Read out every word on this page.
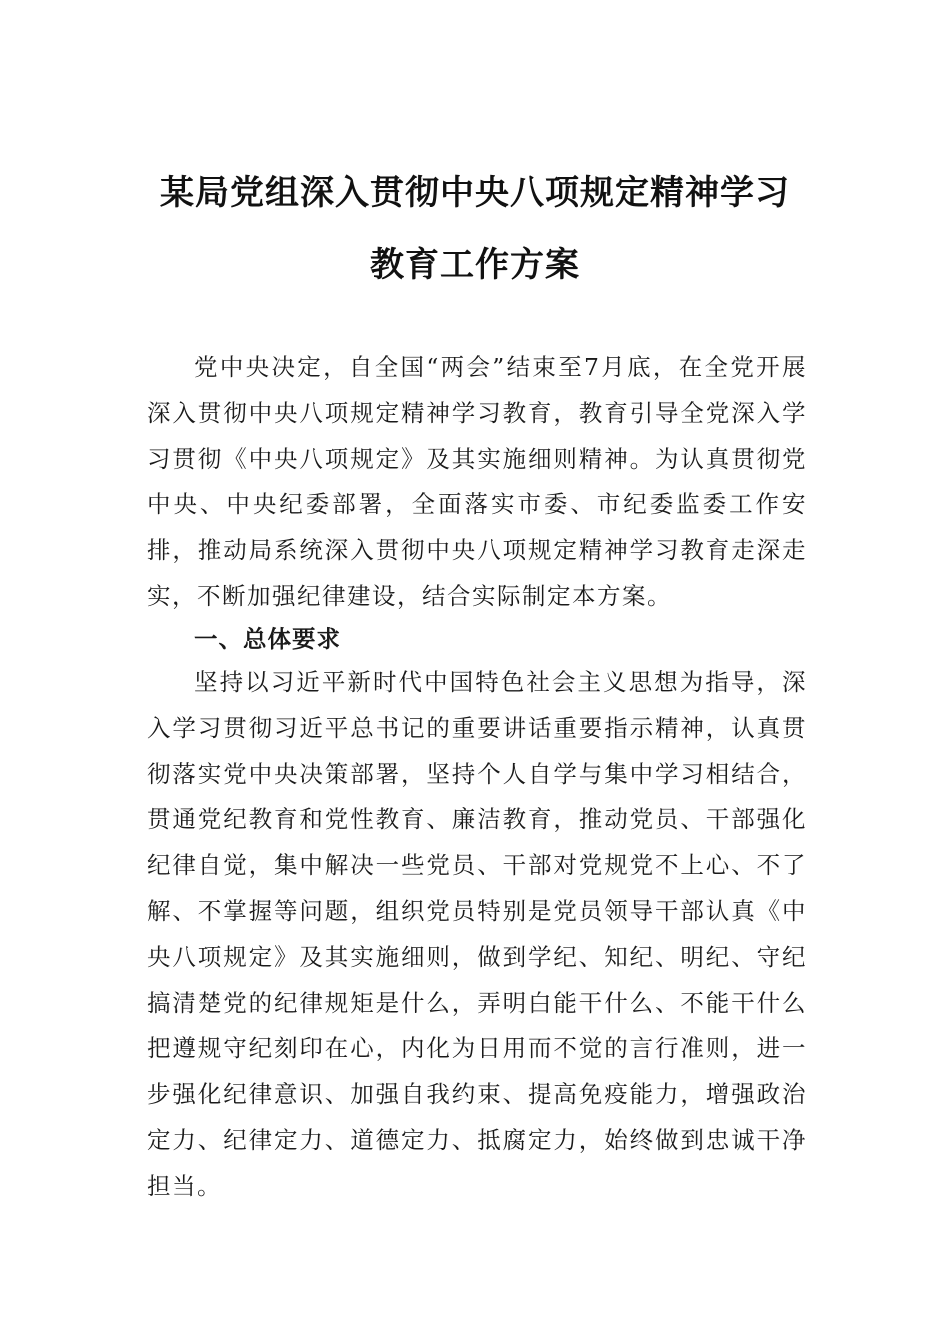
某局党组深入贯彻中央八项规定精神学习
教育工作方案

党中央决定，自全国“两会”结束至7月底，在全党开展深入贯彻中央八项规定精神学习教育，教育引导全党深入学习贯彻《中央八项规定》及其实施细则精神。为认真贯彻党中央、中央纪委部署，全面落实市委、市纪委监委工作安排，推动局系统深入贯彻中央八项规定精神学习教育走深走实，不断加强纪律建设，结合实际制定本方案。

一、总体要求

坚持以习近平新时代中国特色社会主义思想为指导，深入学习贯彻习近平总书记的重要讲话重要指示精神，认真贯彻落实党中央决策部署，坚持个人自学与集中学习相结合，贯通党纪教育和党性教育、廉洁教育，推动党员、干部强化纪律自觉，集中解决一些党员、干部对党规党不上心、不了解、不掌握等问题，组织党员特别是党员领导干部认真《中央八项规定》及其实施细则，做到学纪、知纪、明纪、守纪搞清楚党的纪律规矩是什么，弄明白能干什么、不能干什么把遵规守纪刻印在心，内化为日用而不觉的言行准则，进一步强化纪律意识、加强自我约束、提高免疫能力，增强政治定力、纪律定力、道德定力、抵腐定力，始终做到忠诚干净担当。
